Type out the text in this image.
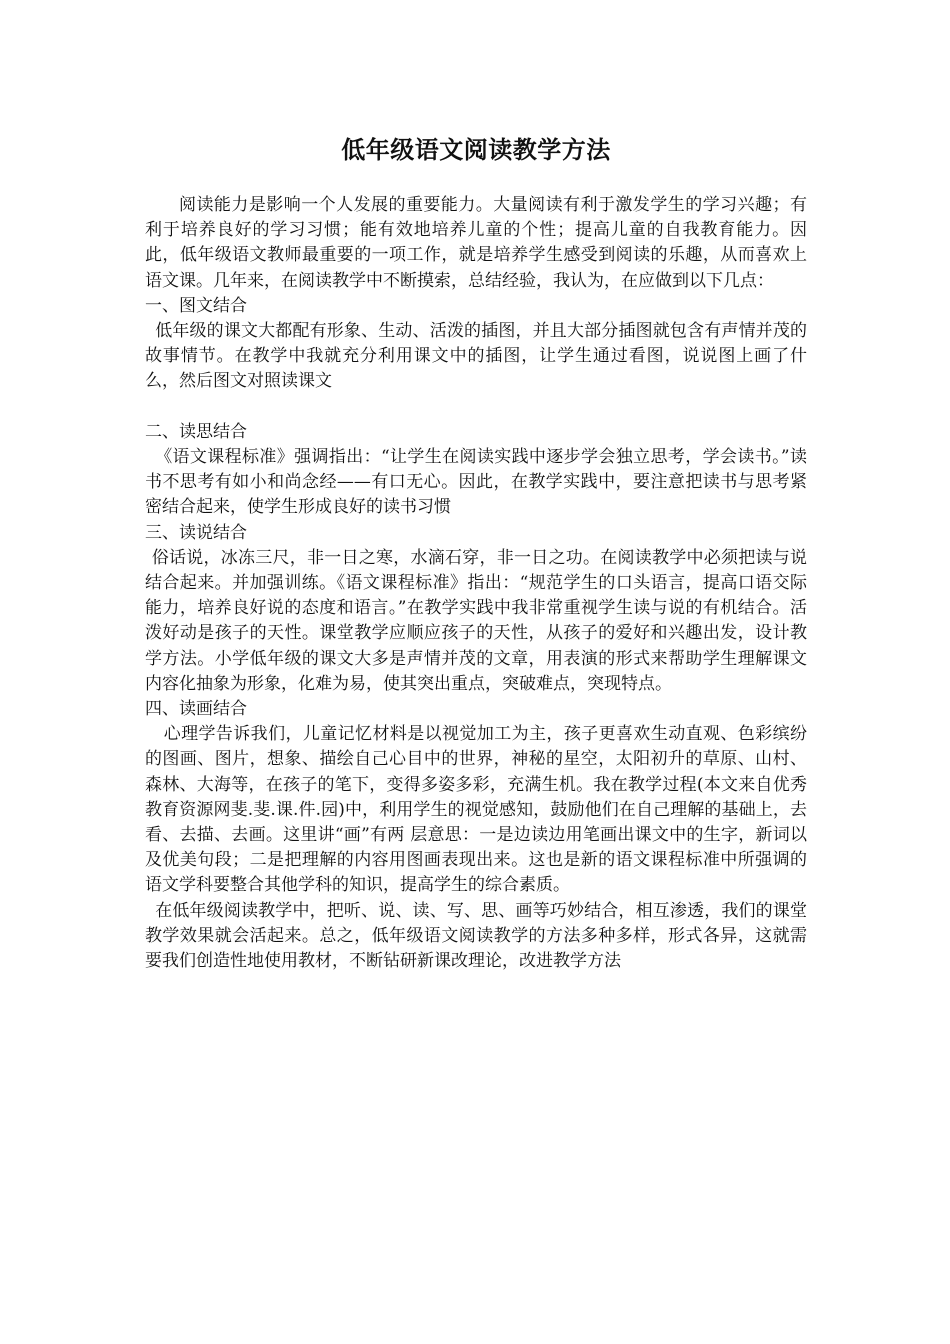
低年级语文阅读教学方法

阅读能力是影响一个人发展的重要能力。大量阅读有利于激发学生的学习兴趣；有利于培养良好的学习习惯；能有效地培养儿童的个性；提高儿童的自我教育能力。因此，低年级语文教师最重要的一项工作，就是培养学生感受到阅读的乐趣，从而喜欢上语文课。几年来，在阅读教学中不断摸索，总结经验，我认为，在应做到以下几点：

一、图文结合

低年级的课文大都配有形象、生动、活泼的插图，并且大部分插图就包含有声情并茂的故事情节。在教学中我就充分利用课文中的插图，让学生通过看图，说说图上画了什么，然后图文对照读课文

二、读思结合

《语文课程标准》强调指出：“让学生在阅读实践中逐步学会独立思考，学会读书。”读书不思考有如小和尚念经——有口无心。因此，在教学实践中，要注意把读书与思考紧密结合起来，使学生形成良好的读书习惯

三、读说结合

俗话说，冰冻三尺，非一日之寒，水滴石穿，非一日之功。在阅读教学中必须把读与说结合起来。并加强训练。《语文课程标准》指出：“规范学生的口头语言，提高口语交际能力，培养良好说的态度和语言。”在教学实践中我非常重视学生读与说的有机结合。活泼好动是孩子的天性。课堂教学应顺应孩子的天性，从孩子的爱好和兴趣出发，设计教学方法。小学低年级的课文大多是声情并茂的文章，用表演的形式来帮助学生理解课文内容化抽象为形象，化难为易，使其突出重点，突破难点，突现特点。

四、读画结合

心理学告诉我们，儿童记忆材料是以视觉加工为主，孩子更喜欢生动直观、色彩缤纷的图画、图片，想象、描绘自己心目中的世界，神秘的星空，太阳初升的草原、山村、森林、大海等，在孩子的笔下，变得多姿多彩，充满生机。我在教学过程(本文来自优秀教育资源网斐.斐.课.件.园)中，利用学生的视觉感知，鼓励他们在自己理解的基础上，去看、去描、去画。这里讲“画”有两 层意思：一是边读边用笔画出课文中的生字，新词以及优美句段；二是把理解的内容用图画表现出来。这也是新的语文课程标准中所强调的语文学科要整合其他学科的知识，提高学生的综合素质。

在低年级阅读教学中，把听、说、读、写、思、画等巧妙结合，相互渗透，我们的课堂教学效果就会活起来。总之，低年级语文阅读教学的方法多种多样，形式各异，这就需要我们创造性地使用教材，不断钻研新课改理论，改进教学方法
